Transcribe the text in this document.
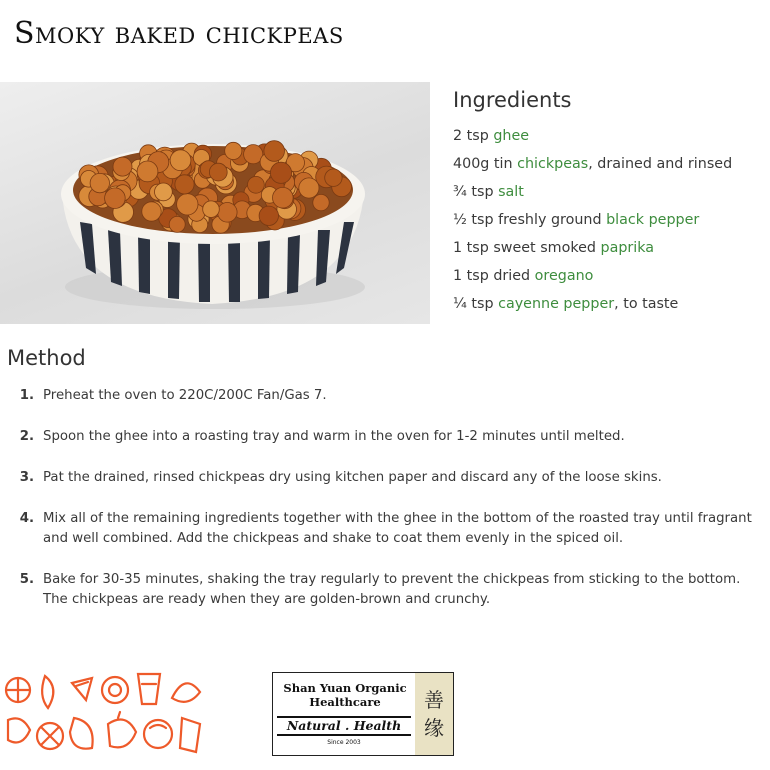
Smoky baked chickpeas
Ingredients
2 tsp ghee
400g tin chickpeas, drained and rinsed
¾ tsp salt
½ tsp freshly ground black pepper
1 tsp sweet smoked paprika
1 tsp dried oregano
¼ tsp cayenne pepper, to taste
Method
1. Preheat the oven to 220C/200C Fan/Gas 7.
2. Spoon the ghee into a roasting tray and warm in the oven for 1-2 minutes until melted.
3. Pat the drained, rinsed chickpeas dry using kitchen paper and discard any of the loose skins.
4. Mix all of the remaining ingredients together with the ghee in the bottom of the roasted tray until fragrant and well combined. Add the chickpeas and shake to coat them evenly in the spiced oil.
5. Bake for 30-35 minutes, shaking the tray regularly to prevent the chickpeas from sticking to the bottom. The chickpeas are ready when they are golden-brown and crunchy.
Shan Yuan Organic
Healthcare
Natural . Health
Since 2003
善
缘
